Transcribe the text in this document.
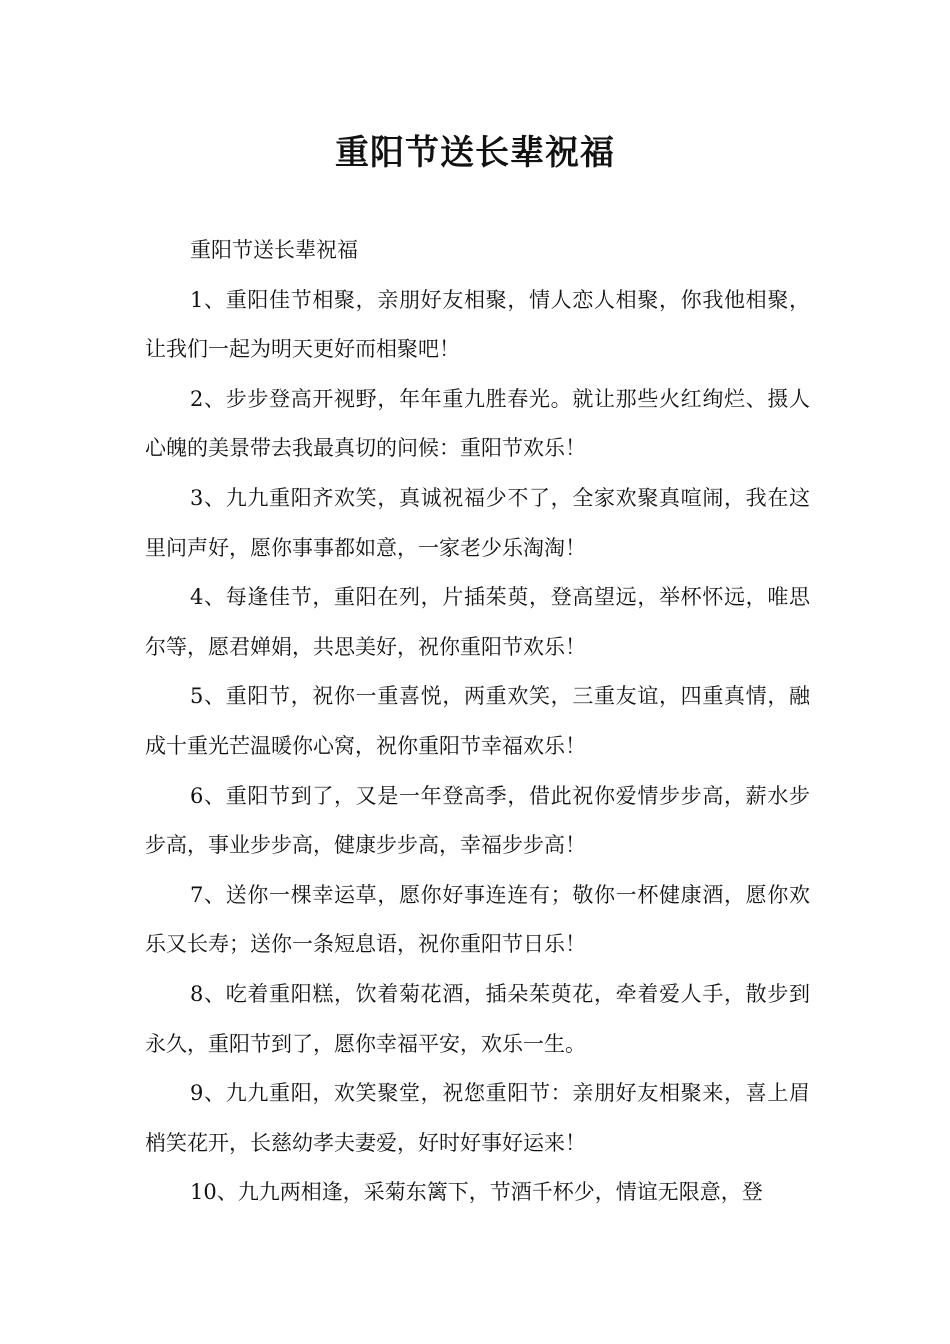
重阳节送长辈祝福

重阳节送长辈祝福

1、重阳佳节相聚，亲朋好友相聚，情人恋人相聚，你我他相聚，让我们一起为明天更好而相聚吧！

2、步步登高开视野，年年重九胜春光。就让那些火红绚烂、摄人心魄的美景带去我最真切的问候：重阳节欢乐！

3、九九重阳齐欢笑，真诚祝福少不了，全家欢聚真喧闹，我在这里问声好，愿你事事都如意，一家老少乐淘淘！

4、每逢佳节，重阳在列，片插茱萸，登高望远，举杯怀远，唯思尔等，愿君婵娟，共思美好，祝你重阳节欢乐！

5、重阳节，祝你一重喜悦，两重欢笑，三重友谊，四重真情，融成十重光芒温暖你心窝，祝你重阳节幸福欢乐！

6、重阳节到了，又是一年登高季，借此祝你爱情步步高，薪水步步高，事业步步高，健康步步高，幸福步步高！

7、送你一棵幸运草，愿你好事连连有；敬你一杯健康酒，愿你欢乐又长寿；送你一条短息语，祝你重阳节日乐！

8、吃着重阳糕，饮着菊花酒，插朵茱萸花，牵着爱人手，散步到永久，重阳节到了，愿你幸福平安，欢乐一生。

9、九九重阳，欢笑聚堂，祝您重阳节：亲朋好友相聚来，喜上眉梢笑花开，长慈幼孝夫妻爱，好时好事好运来！

10、九九两相逢，采菊东篱下，节酒千杯少，情谊无限意，登
